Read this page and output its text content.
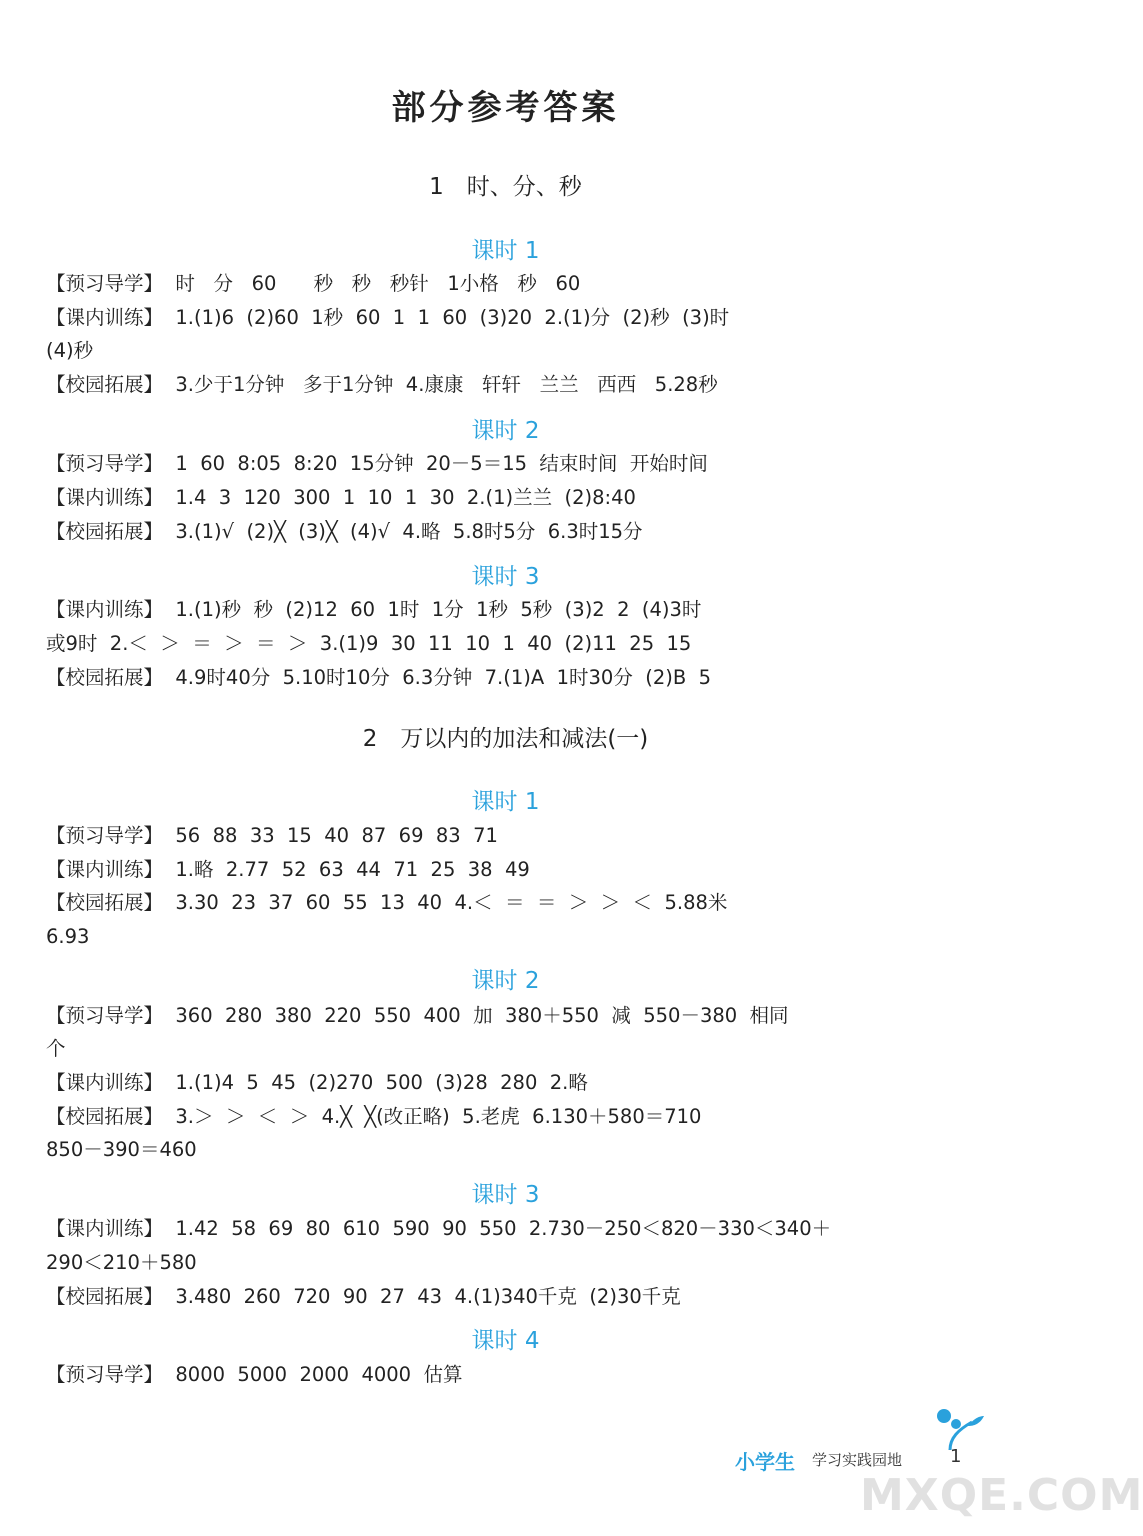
部分参考答案
1　时、分、秒
2　万以内的加法和减法(一)
课时 1
课时 2
课时 3
课时 1
课时 2
课时 3
课时 4
【预习导学】  时   分   60      秒   秒   秒针   1小格   秒   60
【课内训练】  1.(1)6  (2)60  1秒  60  1  1  60  (3)20  2.(1)分  (2)秒  (3)时
(4)秒
【校园拓展】  3.少于1分钟   多于1分钟  4.康康   轩轩   兰兰   西西   5.28秒
【预习导学】  1  60  8:05  8:20  15分钟  20－5＝15  结束时间  开始时间
【课内训练】  1.4  3  120  300  1  10  1  30  2.(1)兰兰  (2)8:40
【校园拓展】  3.(1)√  (2)╳  (3)╳  (4)√  4.略  5.8时5分  6.3时15分
【课内训练】  1.(1)秒  秒  (2)12  60  1时  1分  1秒  5秒  (3)2  2  (4)3时
或9时  2.＜  ＞  ＝  ＞  ＝  ＞  3.(1)9  30  11  10  1  40  (2)11  25  15
【校园拓展】  4.9时40分  5.10时10分  6.3分钟  7.(1)A  1时30分  (2)B  5
【预习导学】  56  88  33  15  40  87  69  83  71
【课内训练】  1.略  2.77  52  63  44  71  25  38  49
【校园拓展】  3.30  23  37  60  55  13  40  4.＜  ＝  ＝  ＞  ＞  ＜  5.88米
6.93
【预习导学】  360  280  380  220  550  400  加  380＋550  减  550－380  相同
个
【课内训练】  1.(1)4  5  45  (2)270  500  (3)28  280  2.略
【校园拓展】  3.＞  ＞  ＜  ＞  4.╳  ╳(改正略)  5.老虎  6.130＋580＝710
850－390＝460
【课内训练】  1.42  58  69  80  610  590  90  550  2.730－250＜820－330＜340＋
290＜210＋580
【校园拓展】  3.480  260  720  90  27  43  4.(1)340千克  (2)30千克
【预习导学】  8000  5000  2000  4000  估算
小学生 学习实践园地	1
MXQE.COM
